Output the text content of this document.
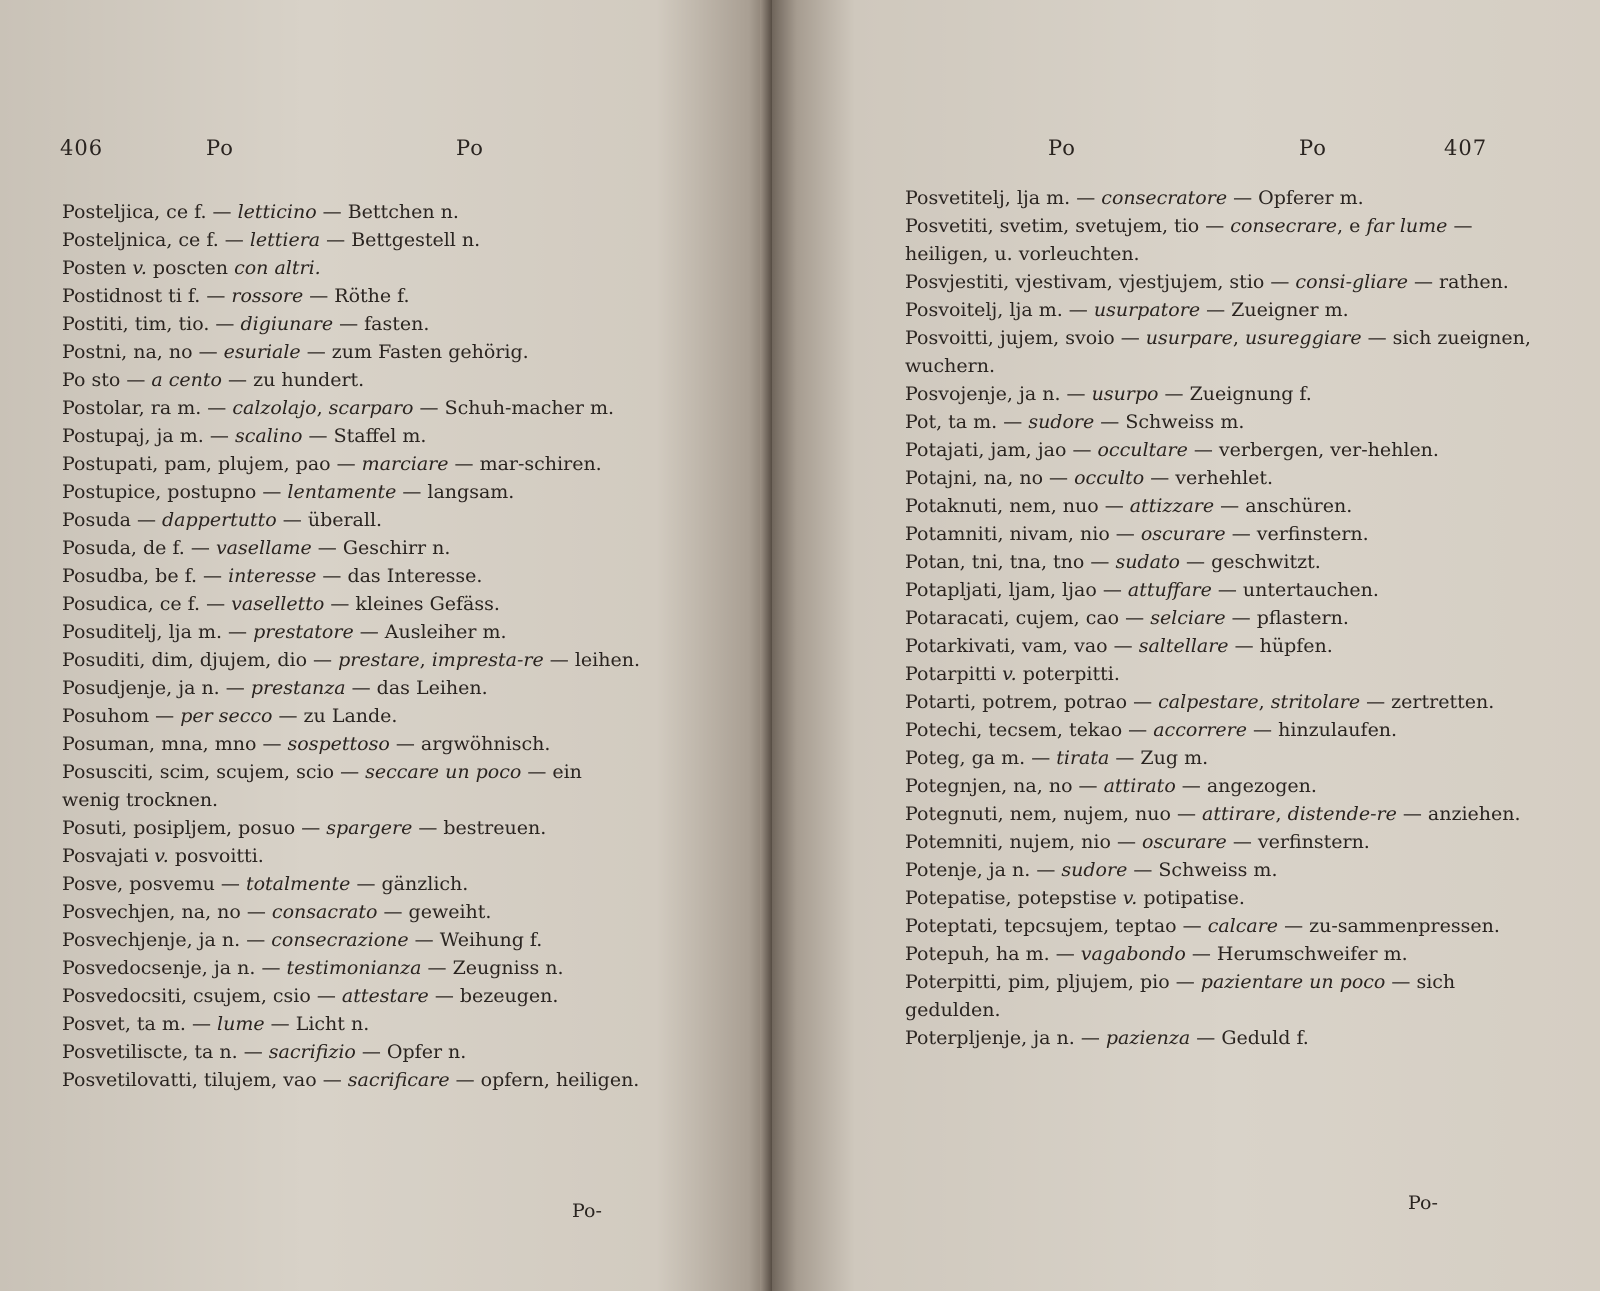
406	Po	Po
Posteljica, ce f. — letticino — Bettchen n.
Posteljnica, ce f. — lettiera — Bettgestell n.
Posten v. poscten con altri.
Postidnost ti f. — rossore — Röthe f.
Postiti, tim, tio. — digiunare — fasten.
Postni, na, no — esuriale — zum Fasten gehörig.
Po sto — a cento — zu hundert.
Postolar, ra m. — calzolajo, scarparo — Schuh-macher m.
Postupaj, ja m. — scalino — Staffel m.
Postupati, pam, plujem, pao — marciare — mar-schiren.
Postupice, postupno — lentamente — langsam.
Posuda — dappertutto — überall.
Posuda, de f. — vasellame — Geschirr n.
Posudba, be f. — interesse — das Interesse.
Posudica, ce f. — vaselletto — kleines Gefäss.
Posuditelj, lja m. — prestatore — Ausleiher m.
Posuditi, dim, djujem, dio — prestare, impresta-re — leihen.
Posudjenje, ja n. — prestanza — das Leihen.
Posuhom — per secco — zu Lande.
Posuman, mna, mno — sospettoso — argwöhnisch.
Posusciti, scim, scujem, scio — seccare un poco — ein wenig trocknen.
Posuti, posipljem, posuo — spargere — bestreuen.
Posvajati v. posvoitti.
Posve, posvemu — totalmente — gänzlich.
Posvechjen, na, no — consacrato — geweiht.
Posvechjenje, ja n. — consecrazione — Weihung f.
Posvedocsenje, ja n. — testimonianza — Zeugniss n.
Posvedocsiti, csujem, csio — attestare — bezeugen.
Posvet, ta m. — lume — Licht n.
Posvetiliscte, ta n. — sacrifizio — Opfer n.
Posvetilovatti, tilujem, vao — sacrificare — opfern, heiligen.
Po-
Po	Po	407
Posvetitelj, lja m. — consecratore — Opferer m.
Posvetiti, svetim, svetujem, tio — consecrare, e far lume — heiligen, u. vorleuchten.
Posvjestiti, vjestivam, vjestjujem, stio — consi-gliare — rathen.
Posvoitelj, lja m. — usurpatore — Zueigner m.
Posvoitti, jujem, svoio — usurpare, usureggiare — sich zueignen, wuchern.
Posvojenje, ja n. — usurpo — Zueignung f.
Pot, ta m. — sudore — Schweiss m.
Potajati, jam, jao — occultare — verbergen, ver-hehlen.
Potajni, na, no — occulto — verhehlet.
Potaknuti, nem, nuo — attizzare — anschüren.
Potamniti, nivam, nio — oscurare — verfinstern.
Potan, tni, tna, tno — sudato — geschwitzt.
Potapljati, ljam, ljao — attuffare — untertauchen.
Potaracati, cujem, cao — selciare — pflastern.
Potarkivati, vam, vao — saltellare — hüpfen.
Potarpitti v. poterpitti.
Potarti, potrem, potrao — calpestare, stritolare — zertretten.
Potechi, tecsem, tekao — accorrere — hinzulaufen.
Poteg, ga m. — tirata — Zug m.
Potegnjen, na, no — attirato — angezogen.
Potegnuti, nem, nujem, nuo — attirare, distende-re — anziehen.
Potemniti, nujem, nio — oscurare — verfinstern.
Potenje, ja n. — sudore — Schweiss m.
Potepatise, potepstise v. potipatise.
Poteptati, tepcsujem, teptao — calcare — zu-sammenpressen.
Potepuh, ha m. — vagabondo — Herumschweifer m.
Poterpitti, pim, pljujem, pio — pazientare un poco — sich gedulden.
Poterpljenje, ja n. — pazienza — Geduld f.
Po-
